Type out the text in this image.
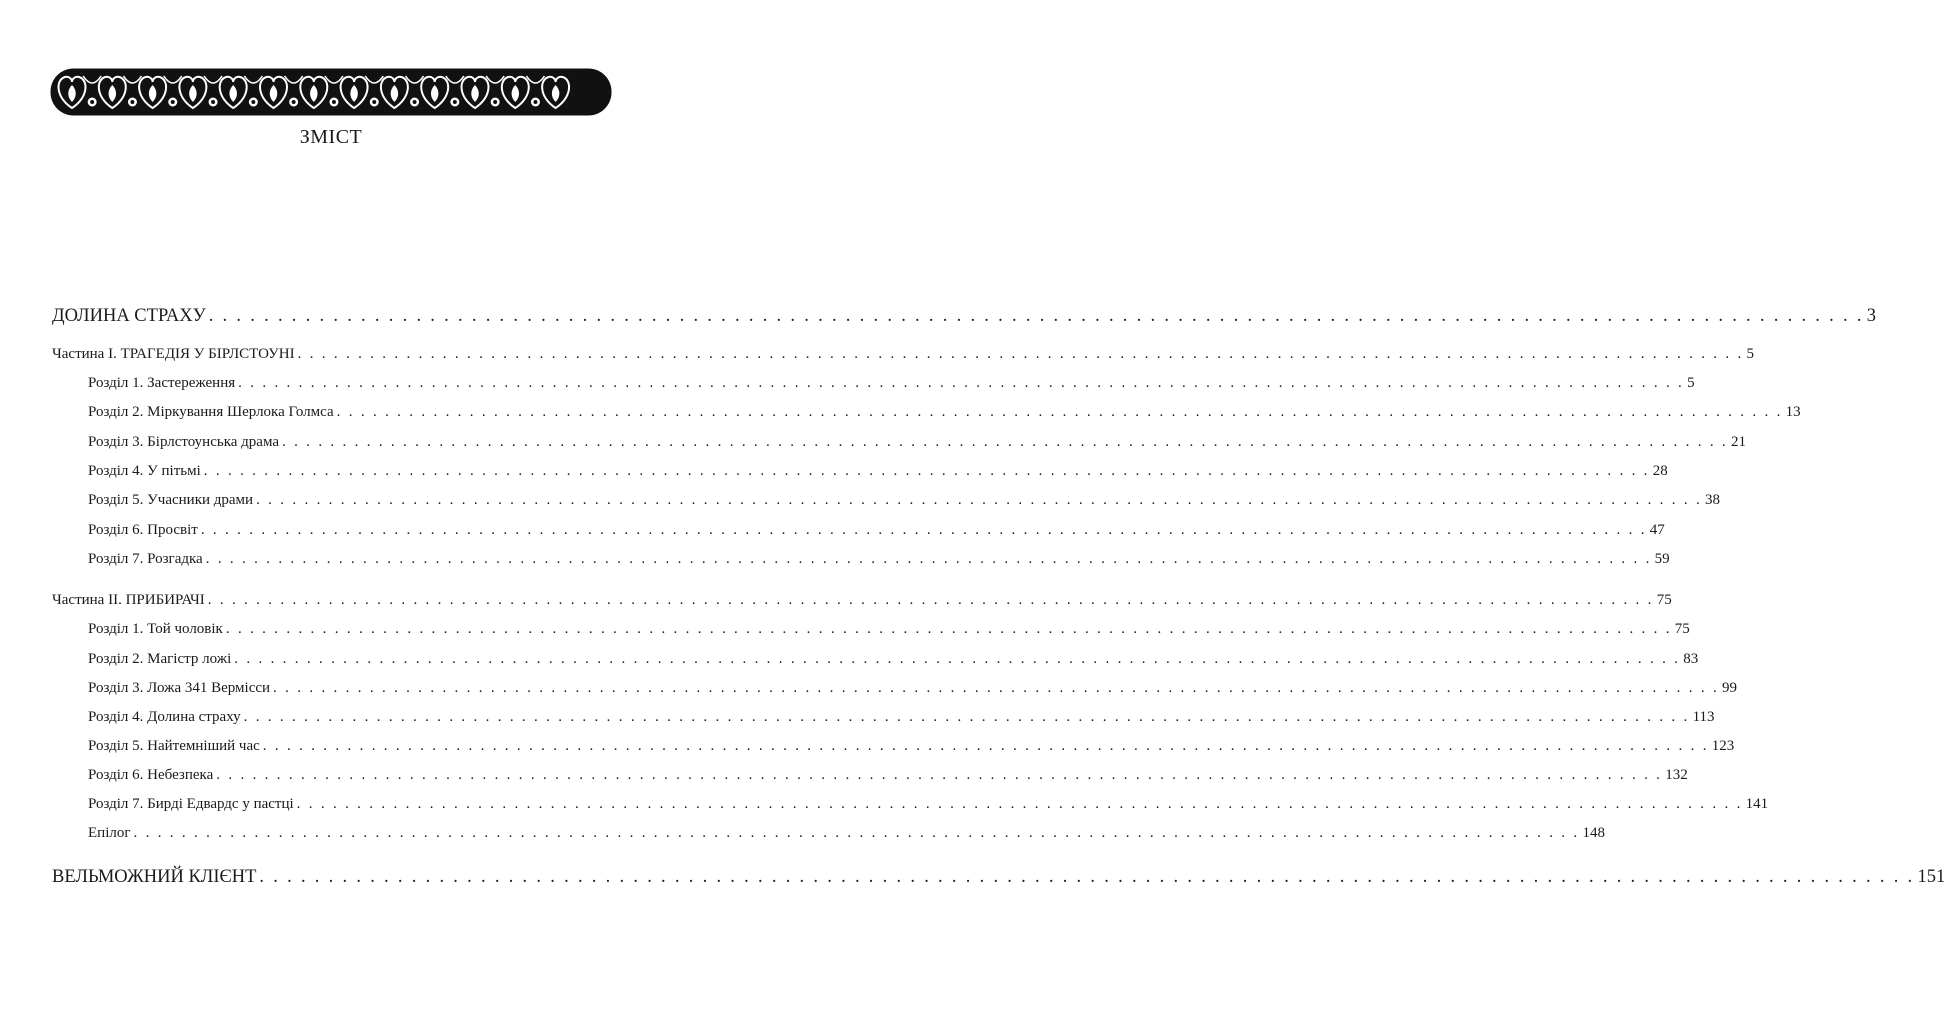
ЗМІСТ
ДОЛИНА СТРАХУ . . . . . . . . . . . . . . . . . . . . . . . . . . . . . . . . . . . . . . . . . . . . . . . . . . . . . . . . . . . . . . . . . . . . . . . . . . . . . . . . . . . . . . . . . . . . . . . . . . . . . . . . . . . . . . . . . . . . . . . . 3
Частина І. ТРАГЕДІЯ У БІРЛСТОУНІ . . . . . . . . . . . . . . . . . . . . . . . . . . . . . . . . . . . . . . . . . . . . . . . . . . . . . . . . . . . . . . . . . . . . . . . . . . . . . . . . . . . . . . . . . . . . . . . . . . . . . . . . . . . . . . . . . . . . . . . . 5
Розділ 1. Застереження . . . . . . . . . . . . . . . . . . . . . . . . . . . . . . . . . . . . . . . . . . . . . . . . . . . . . . . . . . . . . . . . . . . . . . . . . . . . . . . . . . . . . . . . . . . . . . . . . . . . . . . . . . . . . . . . . . . . . . . . 5
Розділ 2. Міркування Шерлока Голмса . . . . . . . . . . . . . . . . . . . . . . . . . . . . . . . . . . . . . . . . . . . . . . . . . . . . . . . . . . . . . . . . . . . . . . . . . . . . . . . . . . . . . . . . . . . . . . . . . . . . . . . . . . . . . . . . . . . . . . . . 13
Розділ 3. Бірлстоунська драма . . . . . . . . . . . . . . . . . . . . . . . . . . . . . . . . . . . . . . . . . . . . . . . . . . . . . . . . . . . . . . . . . . . . . . . . . . . . . . . . . . . . . . . . . . . . . . . . . . . . . . . . . . . . . . . . . . . . . . . . 21
Розділ 4. У пітьмі . . . . . . . . . . . . . . . . . . . . . . . . . . . . . . . . . . . . . . . . . . . . . . . . . . . . . . . . . . . . . . . . . . . . . . . . . . . . . . . . . . . . . . . . . . . . . . . . . . . . . . . . . . . . . . . . . . . . . . . . 28
Розділ 5. Учасники драми . . . . . . . . . . . . . . . . . . . . . . . . . . . . . . . . . . . . . . . . . . . . . . . . . . . . . . . . . . . . . . . . . . . . . . . . . . . . . . . . . . . . . . . . . . . . . . . . . . . . . . . . . . . . . . . . . . . . . . . . 38
Розділ 6. Просвіт . . . . . . . . . . . . . . . . . . . . . . . . . . . . . . . . . . . . . . . . . . . . . . . . . . . . . . . . . . . . . . . . . . . . . . . . . . . . . . . . . . . . . . . . . . . . . . . . . . . . . . . . . . . . . . . . . . . . . . . . 47
Розділ 7. Розгадка . . . . . . . . . . . . . . . . . . . . . . . . . . . . . . . . . . . . . . . . . . . . . . . . . . . . . . . . . . . . . . . . . . . . . . . . . . . . . . . . . . . . . . . . . . . . . . . . . . . . . . . . . . . . . . . . . . . . . . . . 59
Частина ІІ. ПРИБИРАЧІ . . . . . . . . . . . . . . . . . . . . . . . . . . . . . . . . . . . . . . . . . . . . . . . . . . . . . . . . . . . . . . . . . . . . . . . . . . . . . . . . . . . . . . . . . . . . . . . . . . . . . . . . . . . . . . . . . . . . . . . . 75
Розділ 1. Той чоловік . . . . . . . . . . . . . . . . . . . . . . . . . . . . . . . . . . . . . . . . . . . . . . . . . . . . . . . . . . . . . . . . . . . . . . . . . . . . . . . . . . . . . . . . . . . . . . . . . . . . . . . . . . . . . . . . . . . . . . . . 75
Розділ 2. Магістр ложі . . . . . . . . . . . . . . . . . . . . . . . . . . . . . . . . . . . . . . . . . . . . . . . . . . . . . . . . . . . . . . . . . . . . . . . . . . . . . . . . . . . . . . . . . . . . . . . . . . . . . . . . . . . . . . . . . . . . . . . . 83
Розділ 3. Ложа 341 Вермісси . . . . . . . . . . . . . . . . . . . . . . . . . . . . . . . . . . . . . . . . . . . . . . . . . . . . . . . . . . . . . . . . . . . . . . . . . . . . . . . . . . . . . . . . . . . . . . . . . . . . . . . . . . . . . . . . . . . . . . . . 99
Розділ 4. Долина страху . . . . . . . . . . . . . . . . . . . . . . . . . . . . . . . . . . . . . . . . . . . . . . . . . . . . . . . . . . . . . . . . . . . . . . . . . . . . . . . . . . . . . . . . . . . . . . . . . . . . . . . . . . . . . . . . . . . . . . . . 113
Розділ 5. Найтемніший час . . . . . . . . . . . . . . . . . . . . . . . . . . . . . . . . . . . . . . . . . . . . . . . . . . . . . . . . . . . . . . . . . . . . . . . . . . . . . . . . . . . . . . . . . . . . . . . . . . . . . . . . . . . . . . . . . . . . . . . . 123
Розділ 6. Небезпека . . . . . . . . . . . . . . . . . . . . . . . . . . . . . . . . . . . . . . . . . . . . . . . . . . . . . . . . . . . . . . . . . . . . . . . . . . . . . . . . . . . . . . . . . . . . . . . . . . . . . . . . . . . . . . . . . . . . . . . . 132
Розділ 7. Бирді Едвардс у пастці . . . . . . . . . . . . . . . . . . . . . . . . . . . . . . . . . . . . . . . . . . . . . . . . . . . . . . . . . . . . . . . . . . . . . . . . . . . . . . . . . . . . . . . . . . . . . . . . . . . . . . . . . . . . . . . . . . . . . . . . 141
Епілог . . . . . . . . . . . . . . . . . . . . . . . . . . . . . . . . . . . . . . . . . . . . . . . . . . . . . . . . . . . . . . . . . . . . . . . . . . . . . . . . . . . . . . . . . . . . . . . . . . . . . . . . . . . . . . . . . . . . . . . . 148
ВЕЛЬМОЖНИЙ КЛІЄНТ . . . . . . . . . . . . . . . . . . . . . . . . . . . . . . . . . . . . . . . . . . . . . . . . . . . . . . . . . . . . . . . . . . . . . . . . . . . . . . . . . . . . . . . . . . . . . . . . . . . . . . . . . . . . . . . . . . . . . . . . 151
